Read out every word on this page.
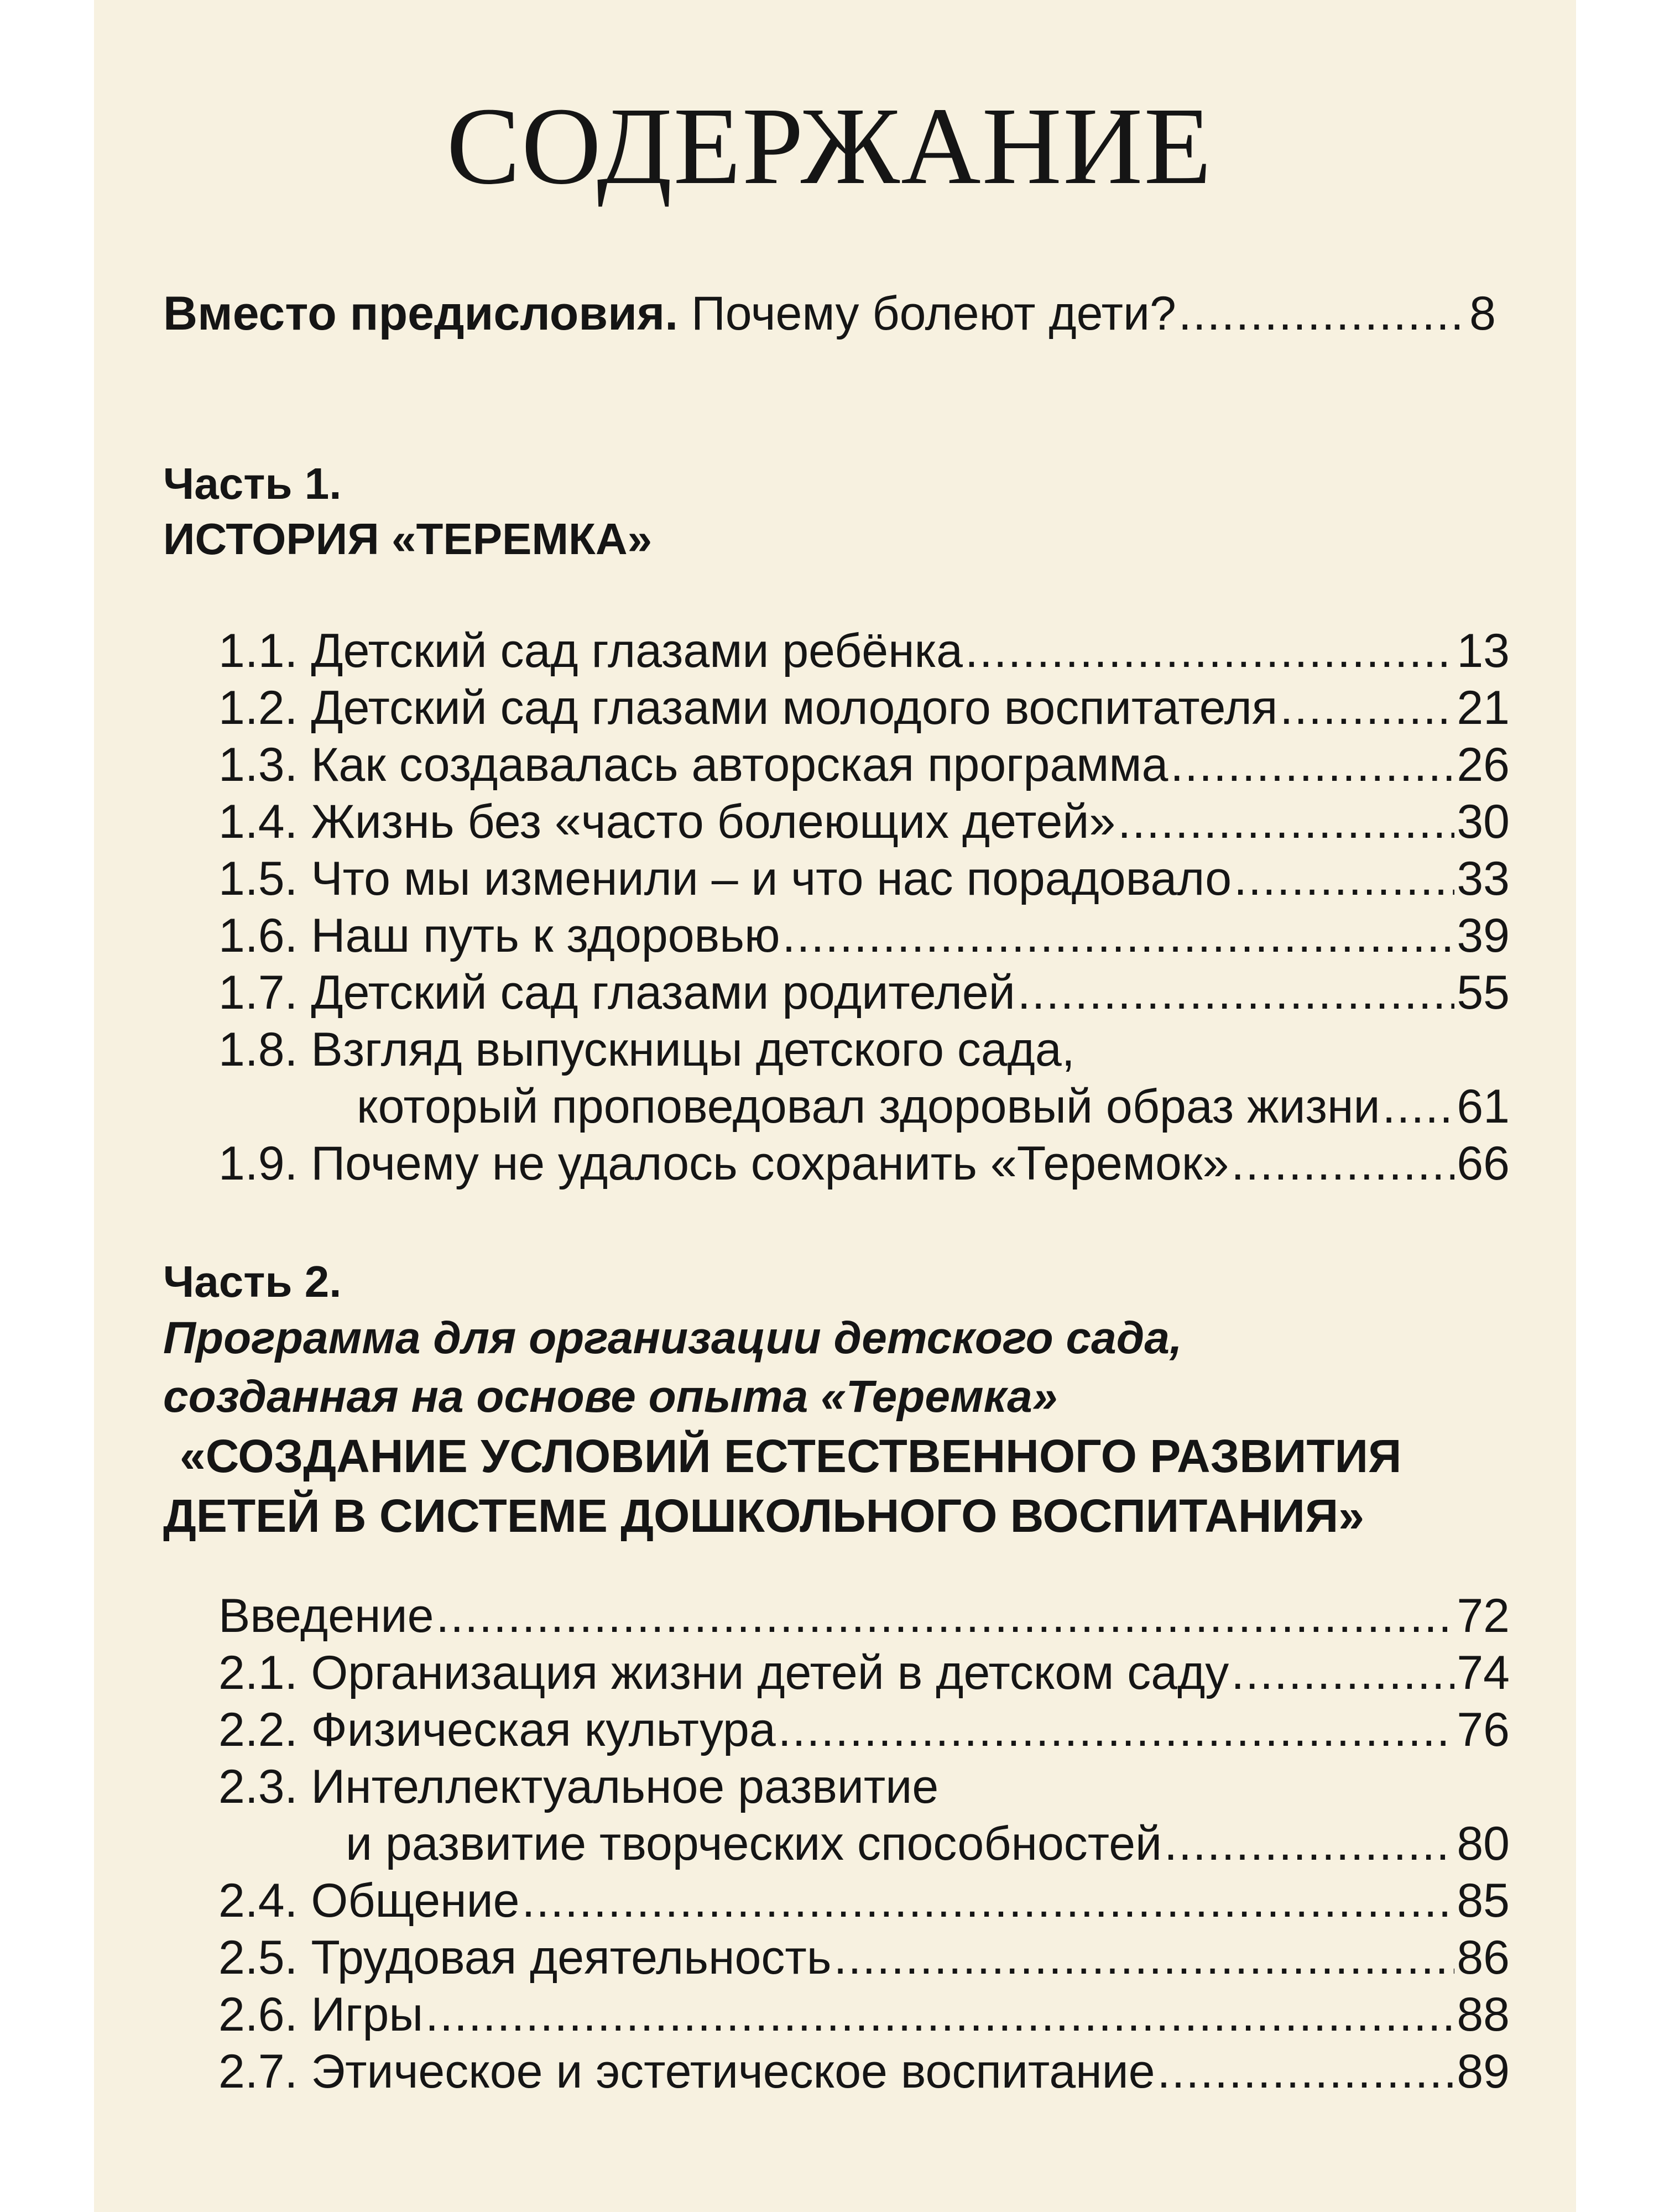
СОДЕРЖАНИЕ
Вместо предисловия. Почему болеют дети? .....	8
Часть 1.
ИСТОРИЯ «ТЕРЕМКА»
1.1. Детский сад глазами ребёнка .....	13
1.2. Детский сад глазами молодого воспитателя .....	21
1.3. Как создавалась авторская программа .....	26
1.4. Жизнь без «часто болеющих детей» .....	30
1.5. Что мы изменили – и что нас порадовало .....	33
1.6. Наш путь к здоровью .....	39
1.7. Детский сад глазами родителей .....	55
1.8. Взгляд выпускницы детского сада,
который проповедовал здоровый образ жизни ..... 61
1.9. Почему не удалось сохранить «Теремок» .....	66
Часть 2.
Программа для организации детского сада,
созданная на основе опыта «Теремка»
«СОЗДАНИЕ УСЛОВИЙ ЕСТЕСТВЕННОГО РАЗВИТИЯ
ДЕТЕЙ В СИСТЕМЕ ДОШКОЛЬНОГО ВОСПИТАНИЯ»
Введение .....	72
2.1. Организация жизни детей в детском саду .....	74
2.2. Физическая культура .....	76
2.3. Интеллектуальное развитие
и развитие творческих способностей .....	80
2.4. Общение .....	85
2.5. Трудовая деятельность .....	86
2.6. Игры .....	88
2.7. Этическое и эстетическое воспитание .....	89
